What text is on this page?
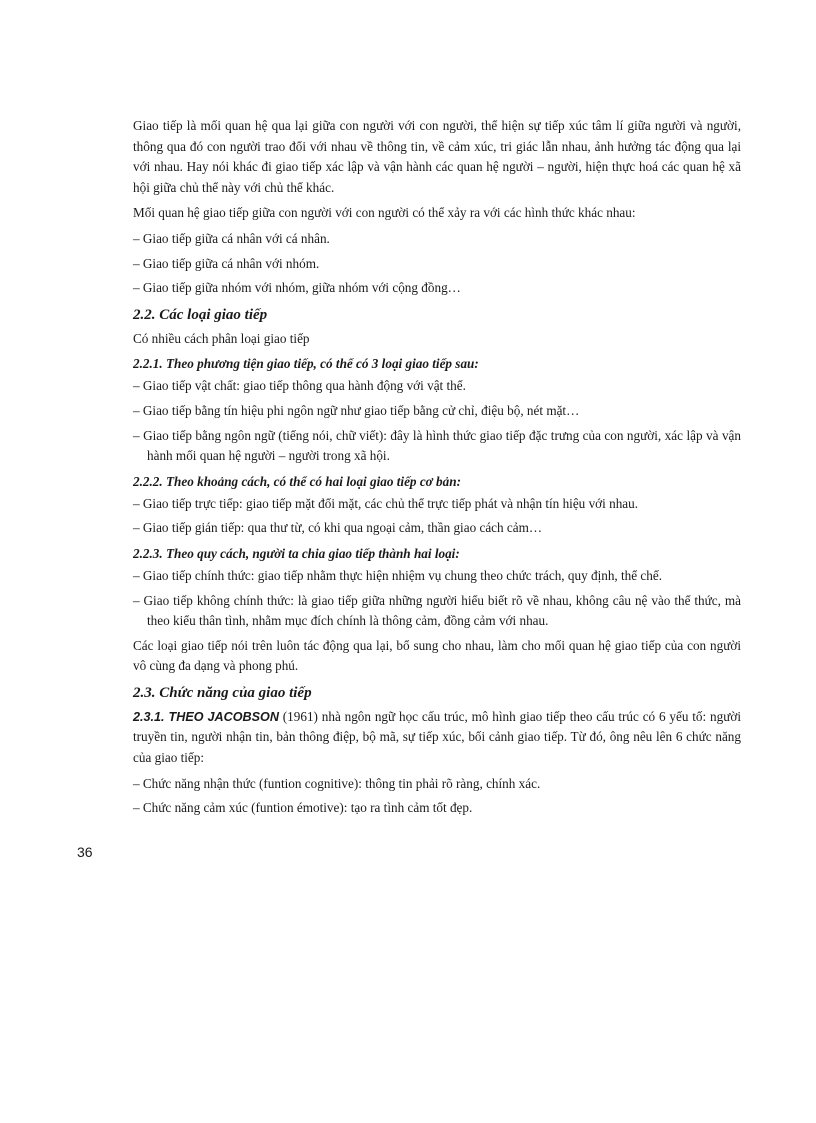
Giao tiếp là mối quan hệ qua lại giữa con người với con người, thể hiện sự tiếp xúc tâm lí giữa người và người, thông qua đó con người trao đổi với nhau về thông tin, về cảm xúc, tri giác lẫn nhau, ảnh hưởng tác động qua lại với nhau. Hay nói khác đi giao tiếp xác lập và vận hành các quan hệ người – người, hiện thực hoá các quan hệ xã hội giữa chủ thể này với chủ thể khác.

Mối quan hệ giao tiếp giữa con người với con người có thể xảy ra với các hình thức khác nhau:

– Giao tiếp giữa cá nhân với cá nhân.

– Giao tiếp giữa cá nhân với nhóm.

– Giao tiếp giữa nhóm với nhóm, giữa nhóm với cộng đồng…

2.2. Các loại giao tiếp

Có nhiều cách phân loại giao tiếp

2.2.1. Theo phương tiện giao tiếp, có thể có 3 loại giao tiếp sau:

– Giao tiếp vật chất: giao tiếp thông qua hành động với vật thể.

– Giao tiếp bằng tín hiệu phi ngôn ngữ như giao tiếp bằng cử chỉ, điệu bộ, nét mặt…

– Giao tiếp bằng ngôn ngữ (tiếng nói, chữ viết): đây là hình thức giao tiếp đặc trưng của con người, xác lập và vận hành mối quan hệ người – người trong xã hội.

2.2.2. Theo khoảng cách, có thể có hai loại giao tiếp cơ bản:

– Giao tiếp trực tiếp: giao tiếp mặt đối mặt, các chủ thể trực tiếp phát và nhận tín hiệu với nhau.

– Giao tiếp gián tiếp: qua thư từ, có khi qua ngoại cảm, thần giao cách cảm…

2.2.3. Theo quy cách, người ta chia giao tiếp thành hai loại:

– Giao tiếp chính thức: giao tiếp nhằm thực hiện nhiệm vụ chung theo chức trách, quy định, thể chế.

– Giao tiếp không chính thức: là giao tiếp giữa những người hiểu biết rõ về nhau, không câu nệ vào thể thức, mà theo kiểu thân tình, nhằm mục đích chính là thông cảm, đồng cảm với nhau.

Các loại giao tiếp nói trên luôn tác động qua lại, bổ sung cho nhau, làm cho mối quan hệ giao tiếp của con người vô cùng đa dạng và phong phú.

2.3. Chức năng của giao tiếp

2.3.1. THEO JACOBSON (1961) nhà ngôn ngữ học cấu trúc, mô hình giao tiếp theo cấu trúc có 6 yếu tố: người truyền tin, người nhận tin, bản thông điệp, bộ mã, sự tiếp xúc, bối cảnh giao tiếp. Từ đó, ông nêu lên 6 chức năng của giao tiếp:

– Chức năng nhận thức (funtion cognitive): thông tin phải rõ ràng, chính xác.

– Chức năng cảm xúc (funtion émotive): tạo ra tình cảm tốt đẹp.

36
